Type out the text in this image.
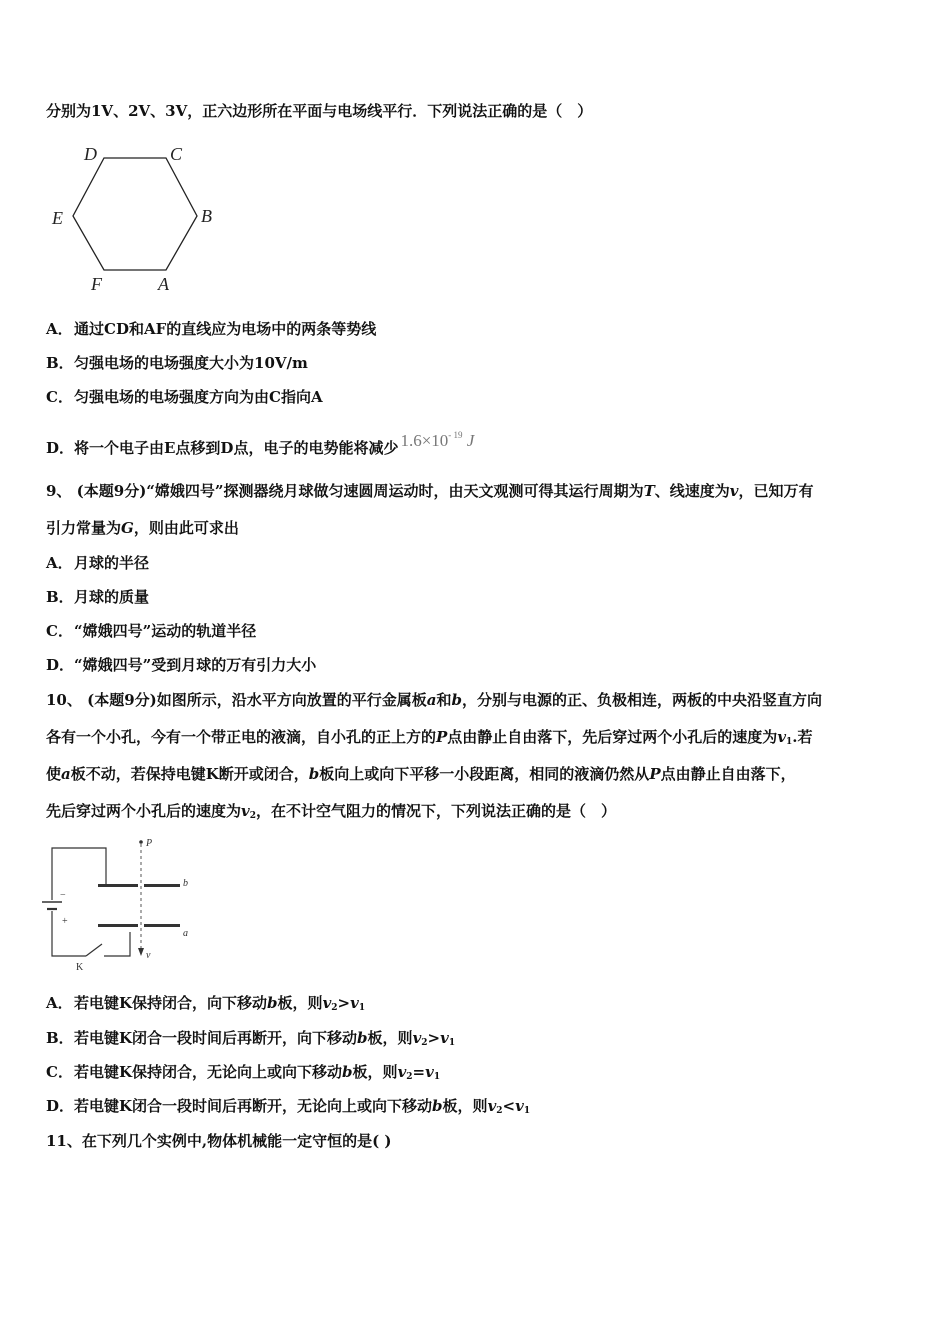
分别为1V、2V、3V，正六边形所在平面与电场线平行．下列说法正确的是（　）
D	C
E	B
F	A
A．通过CD和AF的直线应为电场中的两条等势线
B．匀强电场的电场强度大小为10V/m
C．匀强电场的电场强度方向为由C指向A
D．将一个电子由E点移到D点，电子的电势能将减少 $1.6\times 10^{- 19}$ J
9、 (本题9分)“嫦娥四号”探测器绕月球做匀速圆周运动时，由天文观测可得其运行周期为T、线速度为v，已知万有
引力常量为G，则由此可求出
A．月球的半径
B．月球的质量
C．“嫦娥四号”运动的轨道半径
D．“嫦娥四号”受到月球的万有引力大小
10、 (本题9分)如图所示，沿水平方向放置的平行金属板a和b，分别与电源的正、负极相连，两板的中央沿竖直方向
各有一个小孔，今有一个带正电的液滴，自小孔的正上方的P点由静止自由落下，先后穿过两个小孔后的速度为$v_1$.若
使a板不动，若保持电键K断开或闭合，b板向上或向下平移一小段距离，相同的液滴仍然从P点由静止自由落下，
先后穿过两个小孔后的速度为$v_2$，在不计空气阻力的情况下，下列说法正确的是（　）
−
+
K
b
a
P
v
A．若电键K保持闭合，向下移动b板，则$v_2>v_1$
B．若电键K闭合一段时间后再断开，向下移动b板，则$v_2>v_1$
C．若电键K保持闭合，无论向上或向下移动b板，则$v_2=v_1$
D．若电键K闭合一段时间后再断开，无论向上或向下移动b板，则$v_2<v_1$
11、在下列几个实例中,物体机械能一定守恒的是( )
